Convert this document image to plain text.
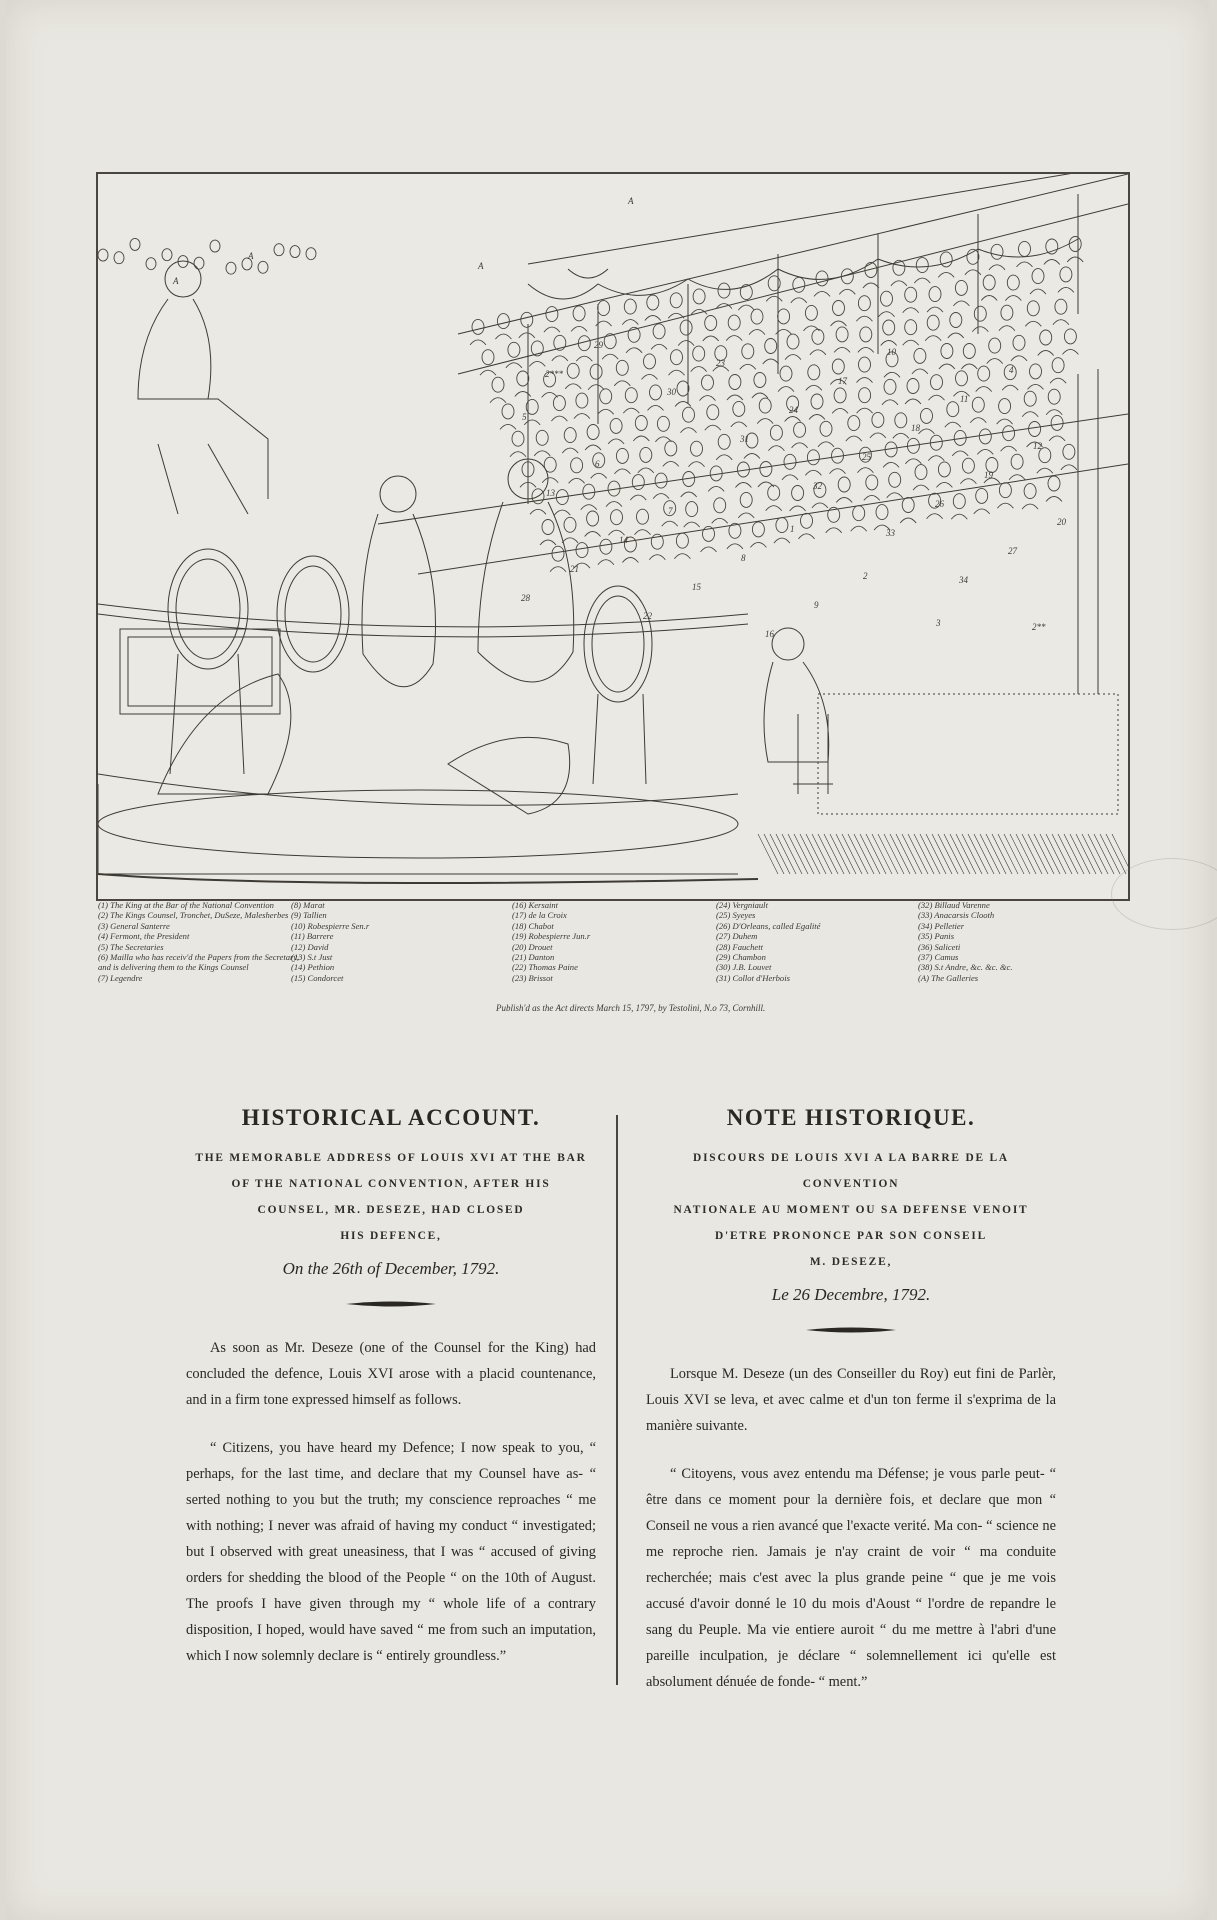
A
A
A
A
1
2
3
4
5
6
7
8
9
10
11
12
13
14
15
16
17
18
19
20
21
22
23
24
25
26
27
28
29
30
31
32
33
34
2**
2***
(1) The King at the Bar of the National Convention
(2) The Kings Counsel, Tronchet, DuSeze, Malesherbes
(3) General Santerre
(4) Fermont, the President
(5) The Secretaries
(6) Mailla who has receiv'd the Papers from the Secretary,
and is delivering them to the Kings Counsel
(7) Legendre
(8) Marat
(9) Tallien
(10) Robespierre Sen.r
(11) Barrere
(12) David
(13) S.t Just
(14) Pethion
(15) Condorcet
(16) Kersaint
(17) de la Croix
(18) Chabot
(19) Robespierre Jun.r
(20) Drouet
(21) Danton
(22) Thomas Paine
(23) Brissot
(24) Vergniault
(25) Syeyes
(26) D'Orleans, called Egalité
(27) Duhem
(28) Fauchett
(29) Chambon
(30) J.B. Louvet
(31) Collot d'Herbois
(32) Billaud Varenne
(33) Anacarsis Clooth
(34) Pelletier
(35) Panis
(36) Saliceti
(37) Camus
(38) S.t Andre, &c. &c. &c.
(A) The Galleries
Publish'd as the Act directs March 15, 1797, by Testolini, N.o 73, Cornhill.
HISTORICAL ACCOUNT.

THE MEMORABLE ADDRESS OF LOUIS XVI AT THE BAR

OF THE NATIONAL CONVENTION, AFTER HIS

COUNSEL, MR. DESEZE, HAD CLOSED

HIS DEFENCE,

On the 26th of December, 1792.

As soon as Mr. Deseze (one of the Counsel for the King) had concluded the defence, Louis XVI arose with a placid countenance, and in a firm tone expressed himself as follows.

“ Citizens, you have heard my Defence; I now speak to you, “ perhaps, for the last time, and declare that my Counsel have as- “ serted nothing to you but the truth; my conscience reproaches “ me with nothing; I never was afraid of having my conduct “ investigated; but I observed with great uneasiness, that I was “ accused of giving orders for shedding the blood of the People “ on the 10th of August. The proofs I have given through my “ whole life of a contrary disposition, I hoped, would have saved “ me from such an imputation, which I now solemnly declare is “ entirely groundless.”

NOTE HISTORIQUE.

DISCOURS DE LOUIS XVI A LA BARRE DE LA CONVENTION

NATIONALE AU MOMENT OU SA DEFENSE VENOIT

D'ETRE PRONONCE PAR SON CONSEIL

M. DESEZE,

Le 26 Decembre, 1792.

Lorsque M. Deseze (un des Conseiller du Roy) eut fini de Parlèr, Louis XVI se leva, et avec calme et d'un ton ferme il s'exprima de la manière suivante.

“ Citoyens, vous avez entendu ma Défense; je vous parle peut- “ être dans ce moment pour la dernière fois, et declare que mon “ Conseil ne vous a rien avancé que l'exacte verité. Ma con- “ science ne me reproche rien. Jamais je n'ay craint de voir “ ma conduite recherchée; mais c'est avec la plus grande peine “ que je me vois accusé d'avoir donné le 10 du mois d'Aoust “ l'ordre de repandre le sang du Peuple. Ma vie entiere auroit “ du me mettre à l'abri d'une pareille inculpation, je déclare “ solemnellement ici qu'elle est absolument dénuée de fonde- “ ment.”
